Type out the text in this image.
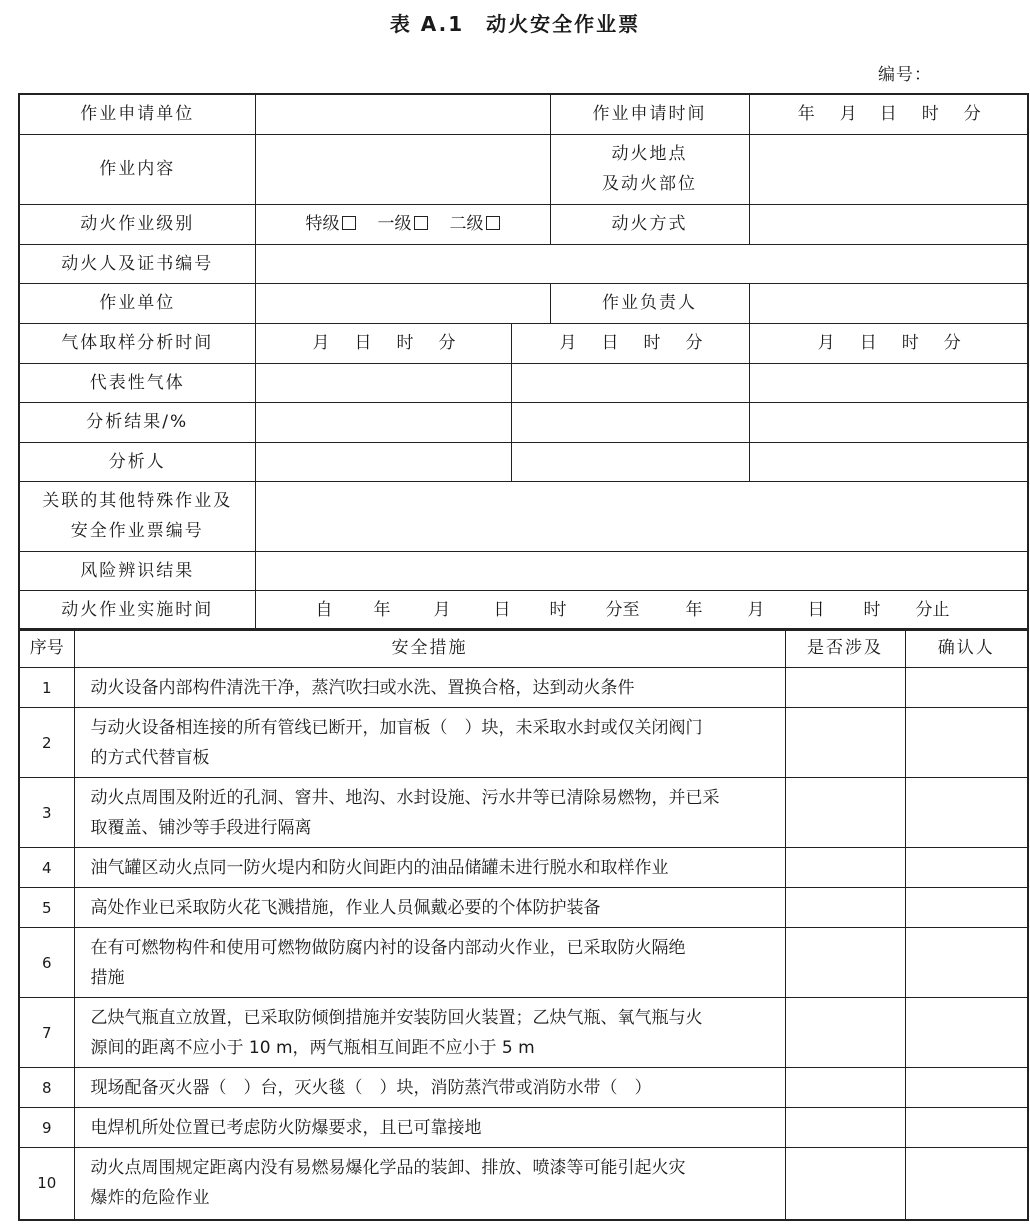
表 A.1　动火安全作业票
编号：
作业申请单位			作业申请时间	年 月 日 时 分
作业内容			动火地点
及动火部位	

动火作业级别	特级 一级 二级		动火方式	
动火人及证书编号				
作业单位			作业负责人	
气体取样分析时间	月 日 时 分	月 日 时 分		月 日 时 分
代表性气体				
分析结果/%				
分析人				

关联的其他特殊作业及
安全作业票编号				

风险辨识结果				
动火作业实施时间	自 年 月 日 时 分至 年 月 日 时 分止			
序号	安全措施	是否涉及	确认人
1	动火设备内部构件清洗干净，蒸汽吹扫或水洗、置换合格，达到动火条件		

2	与动火设备相连接的所有管线已断开，加盲板（　）块，未采取水封或仅关闭阀门
的方式代替盲板		

3	动火点周围及附近的孔洞、窨井、地沟、水封设施、污水井等已清除易燃物，并已采
取覆盖、铺沙等手段进行隔离		

4	油气罐区动火点同一防火堤内和防火间距内的油品储罐未进行脱水和取样作业		

5	高处作业已采取防火花飞溅措施，作业人员佩戴必要的个体防护装备		

6	在有可燃物构件和使用可燃物做防腐内衬的设备内部动火作业，已采取防火隔绝
措施		

7	乙炔气瓶直立放置，已采取防倾倒措施并安装防回火装置；乙炔气瓶、氧气瓶与火
源间的距离不应小于 10 m，两气瓶相互间距不应小于 5 m		

8	现场配备灭火器（　）台，灭火毯（　）块，消防蒸汽带或消防水带（　）		

9	电焊机所处位置已考虑防火防爆要求，且已可靠接地		

10	动火点周围规定距离内没有易燃易爆化学品的装卸、排放、喷漆等可能引起火灾
爆炸的危险作业		
